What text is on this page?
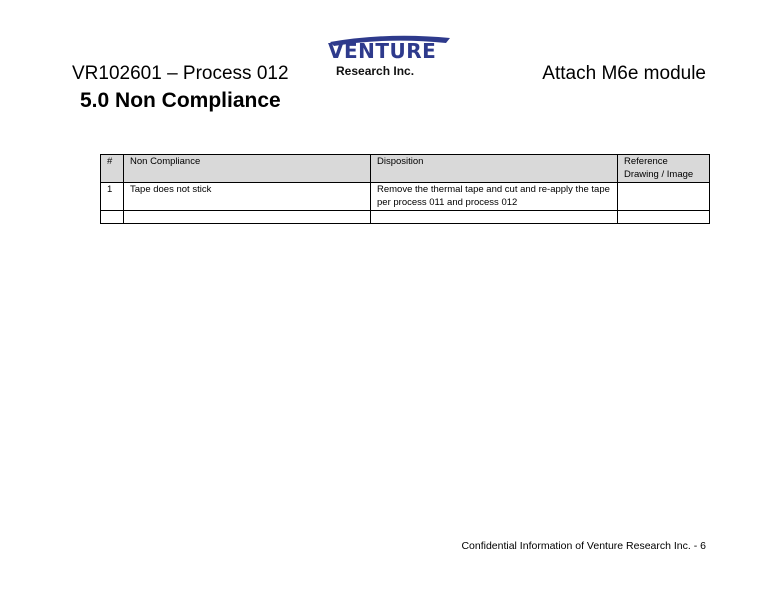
VR102601 – Process 012
VENTURE
Research Inc.	Attach M6e module
5.0 Non Compliance
#	Non Compliance	Disposition	Reference Drawing / Image
1	Tape does not stick	Remove the thermal tape and cut and re-apply the tape per process 011 and process 012	

Confidential Information of Venture Research Inc. - 6
